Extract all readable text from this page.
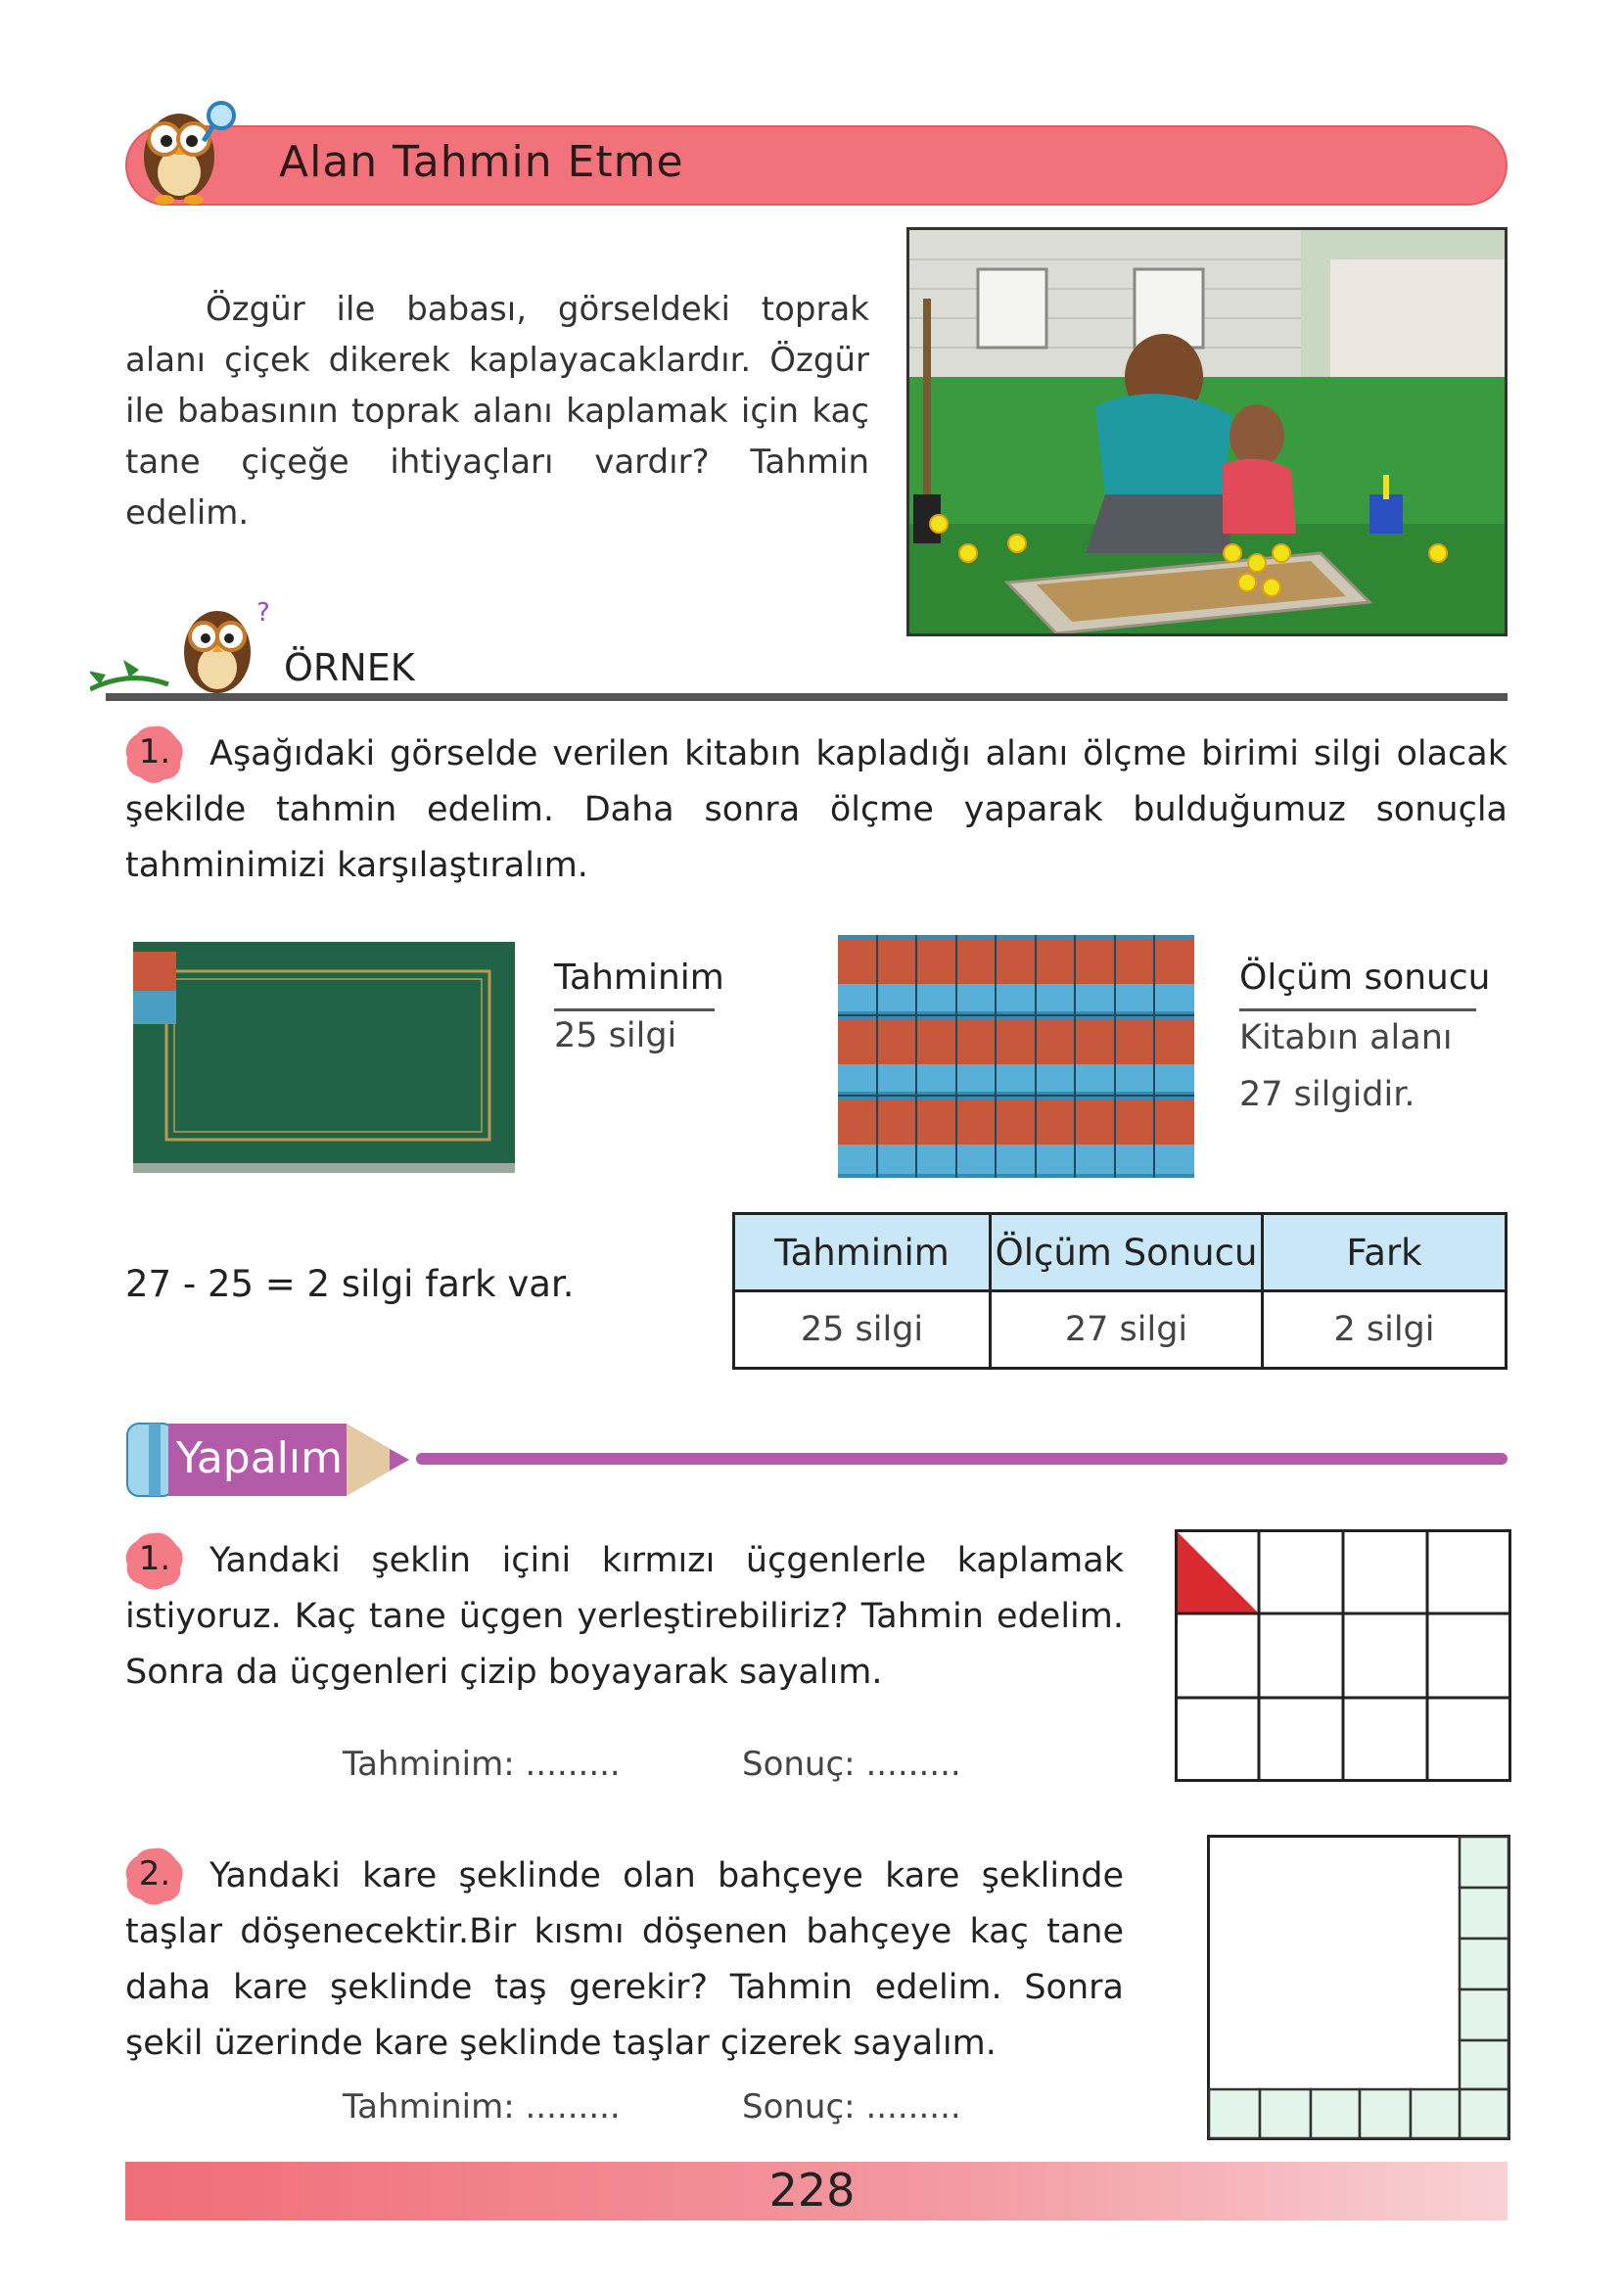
Alan Tahmin Etme
Özgür ile babası, görseldeki toprak alanı çiçek dikerek kaplayacaklardır. Özgür ile babasının toprak alanı kaplamak için kaç tane çiçeğe ihtiyaçları vardır? Tahmin edelim.
?
ÖRNEK
1.	Aşağıdaki görselde verilen kitabın kapladığı alanı ölçme birimi silgi olacak şekilde tahmin edelim. Daha sonra ölçme yaparak bulduğumuz sonuçla tahminimizi karşılaştıralım.
Tahminim
25 silgi
Ölçüm sonucu
Kitabın alanı
27 silgidir.
27 - 25 = 2 silgi fark var.
Tahminim	Ölçüm Sonucu	Fark
25 silgi	27 silgi	2 silgi
Yapalım
1.	Yandaki şeklin içini kırmızı üçgenlerle kaplamak istiyoruz. Kaç tane üçgen yerleştirebiliriz? Tahmin edelim. Sonra da üçgenleri çizip boyayarak sayalım.
Tahminim: .........	Sonuç: .........
2.	Yandaki kare şeklinde olan bahçeye kare şeklinde taşlar döşenecektir.Bir kısmı döşenen bahçeye kaç tane daha kare şeklinde taş gerekir? Tahmin edelim. Sonra şekil üzerinde kare şeklinde taşlar çizerek sayalım.
Tahminim: .........	Sonuç: .........
228
